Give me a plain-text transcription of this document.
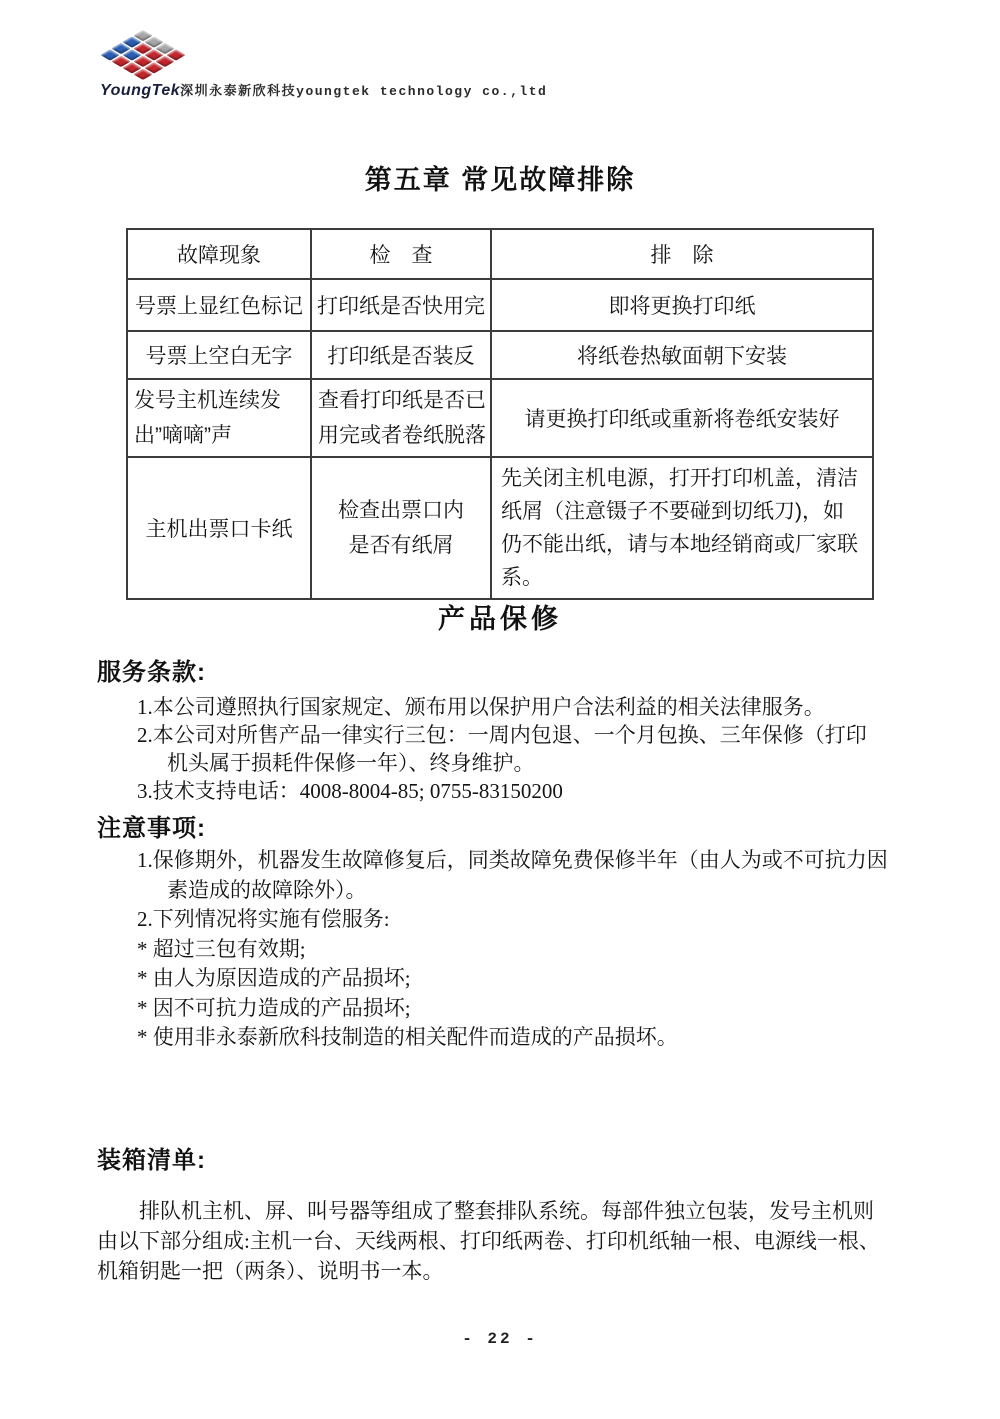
YoungTek深圳永泰新欣科技youngtek technology co.,ltd
第五章 常见故障排除
故障现象	检　查	排　除
号票上显红色标记	打印纸是否快用完	即将更换打印纸
号票上空白无字	打印纸是否装反	将纸卷热敏面朝下安装
发号主机连续发出”嘀嘀”声	查看打印纸是否已用完或者卷纸脱落	请更换打印纸或重新将卷纸安装好
主机出票口卡纸	检查出票口内是否有纸屑	先关闭主机电源，打开打印机盖，清洁纸屑（注意镊子不要碰到切纸刀)，如仍不能出纸，请与本地经销商或厂家联系。
产品保修
服务条款:
1.本公司遵照执行国家规定、颁布用以保护用户合法利益的相关法律服务。
2.本公司对所售产品一律实行三包：一周内包退、一个月包换、三年保修（打印机头属于损耗件保修一年）、终身维护。
3.技术支持电话：4008-8004-85; 0755-83150200
注意事项:
1.保修期外，机器发生故障修复后，同类故障免费保修半年（由人为或不可抗力因素造成的故障除外）。
2.下列情况将实施有偿服务:
* 超过三包有效期;
* 由人为原因造成的产品损坏;
* 因不可抗力造成的产品损坏;
* 使用非永泰新欣科技制造的相关配件而造成的产品损坏。
装箱清单:
排队机主机、屏、叫号器等组成了整套排队系统。每部件独立包装，发号主机则由以下部分组成:主机一台、天线两根、打印纸两卷、打印机纸轴一根、电源线一根、机箱钥匙一把（两条）、说明书一本。
- 22 -
